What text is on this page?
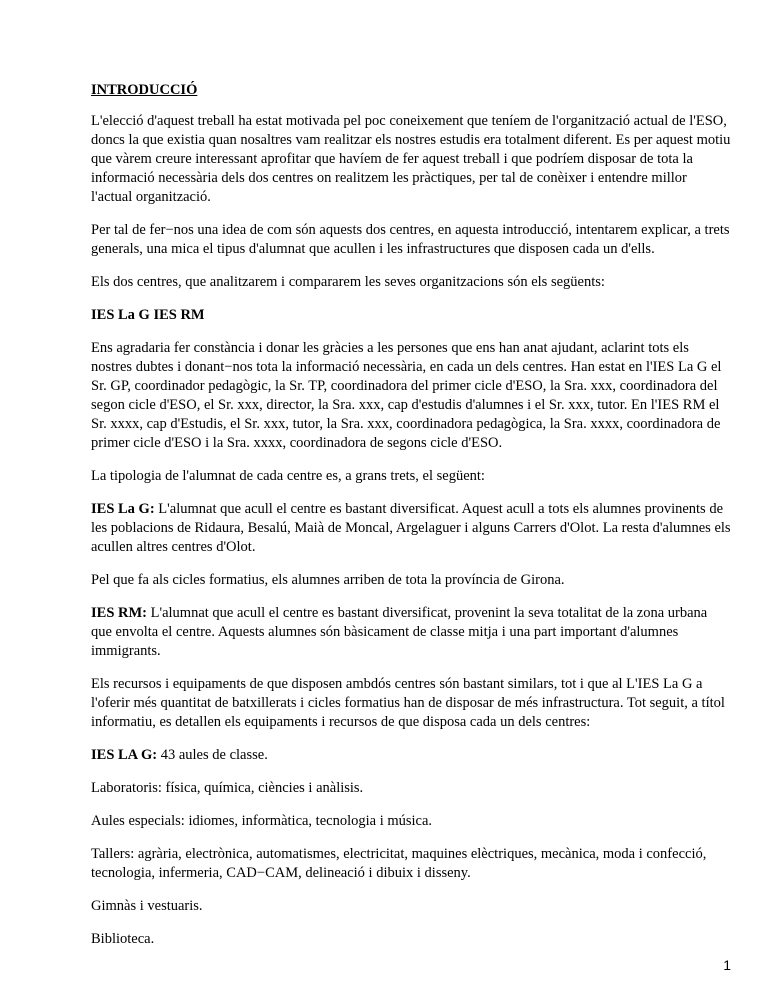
INTRODUCCIÓ

L'elecció d'aquest treball ha estat motivada pel poc coneixement que teníem de l'organització actual de l'ESO, doncs la que existia quan nosaltres vam realitzar els nostres estudis era totalment diferent. Es per aquest motiu que vàrem creure interessant aprofitar que havíem de fer aquest treball i que podríem disposar de tota la informació necessària dels dos centres on realitzem les pràctiques, per tal de conèixer i entendre millor l'actual organització.

Per tal de fer−nos una idea de com són aquests dos centres, en aquesta introducció, intentarem explicar, a trets generals, una mica el tipus d'alumnat que acullen i les infrastructures que disposen cada un d'ells.

Els dos centres, que analitzarem i compararem les seves organitzacions són els següents:

IES La G IES RM

Ens agradaria fer constància i donar les gràcies a les persones que ens han anat ajudant, aclarint tots els nostres dubtes i donant−nos tota la informació necessària, en cada un dels centres. Han estat en l'IES La G el Sr. GP, coordinador pedagògic, la Sr. TP, coordinadora del primer cicle d'ESO, la Sra. xxx, coordinadora del segon cicle d'ESO, el Sr. xxx, director, la Sra. xxx, cap d'estudis d'alumnes i el Sr. xxx, tutor. En l'IES RM el Sr. xxxx, cap d'Estudis, el Sr. xxx, tutor, la Sra. xxx, coordinadora pedagògica, la Sra. xxxx, coordinadora de primer cicle d'ESO i la Sra. xxxx, coordinadora de segons cicle d'ESO.

La tipologia de l'alumnat de cada centre es, a grans trets, el següent:

IES La G: L'alumnat que acull el centre es bastant diversificat. Aquest acull a tots els alumnes provinents de les poblacions de Ridaura, Besalú, Maià de Moncal, Argelaguer i alguns Carrers d'Olot. La resta d'alumnes els acullen altres centres d'Olot.

Pel que fa als cicles formatius, els alumnes arriben de tota la província de Girona.

IES RM: L'alumnat que acull el centre es bastant diversificat, provenint la seva totalitat de la zona urbana que envolta el centre. Aquests alumnes són bàsicament de classe mitja i una part important d'alumnes immigrants.

Els recursos i equipaments de que disposen ambdós centres són bastant similars, tot i que al L'IES La G a l'oferir més quantitat de batxillerats i cicles formatius han de disposar de més infrastructura. Tot seguit, a títol informatiu, es detallen els equipaments i recursos de que disposa cada un dels centres:

IES LA G: 43 aules de classe.

Laboratoris: física, química, ciències i anàlisis.

Aules especials: idiomes, informàtica, tecnologia i música.

Tallers: agrària, electrònica, automatismes, electricitat, maquines elèctriques, mecànica, moda i confecció, tecnologia, infermeria, CAD−CAM, delineació i dibuix i disseny.

Gimnàs i vestuaris.

Biblioteca.

1
